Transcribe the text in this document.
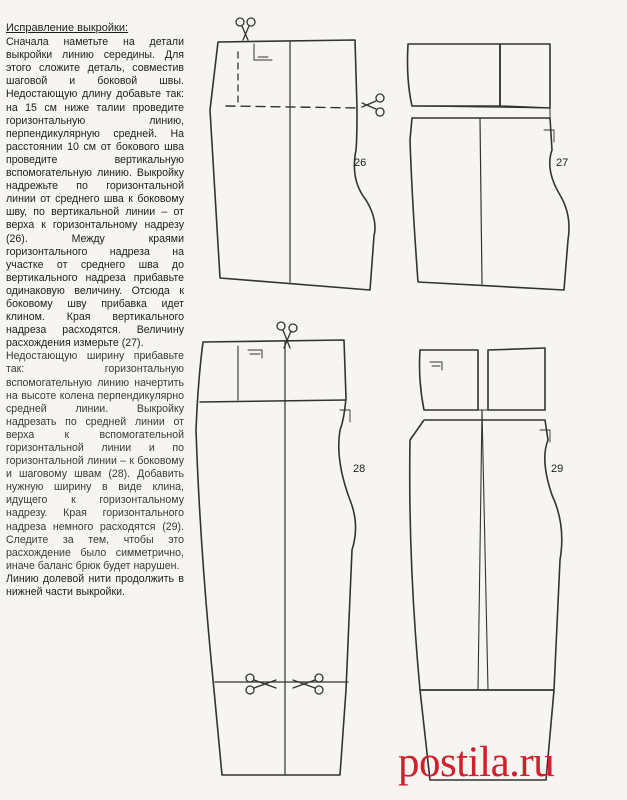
Исправление выкройки:
Сначала наметьте на детали выкройки линию середины. Для этого сложите деталь, совместив шаговой и боковой швы. Недостающую длину добавьте так: на 15 см ниже талии проведите горизонтальную линию, перпендикулярную средней. На расстоянии 10 см от бокового шва проведите вертикальную вспомогательную линию. Выкройку надрежьте по горизонтальной линии от среднего шва к боковому шву, по вертикальной линии – от верха к горизонтальному надрезу (26). Между краями горизонтального надреза на участке от среднего шва до вертикального надреза прибавьте одинаковую величину. Отсюда к боковому шву прибавка идет клином. Края вертикального надреза расходятся. Величину расхождения измерьте (27).
Недостающую ширину прибавьте так: горизонтальную вспомогательную линию начертить на высоте колена перпендикулярно средней линии. Выкройку надрезать по средней линии от верха к вспомогательной горизонтальной линии и по горизонтальной линии – к боковому и шаговому швам (28). Добавить нужную ширину в виде клина, идущего к горизонтальному надрезу. Края горизонтального надреза немного расходятся (29). Следите за тем, чтобы это расхождение было симметрично, иначе баланс брюк будет нарушен.
Линию долевой нити продолжить в нижней части выкройки.
26	27
28	29
postila.ru
